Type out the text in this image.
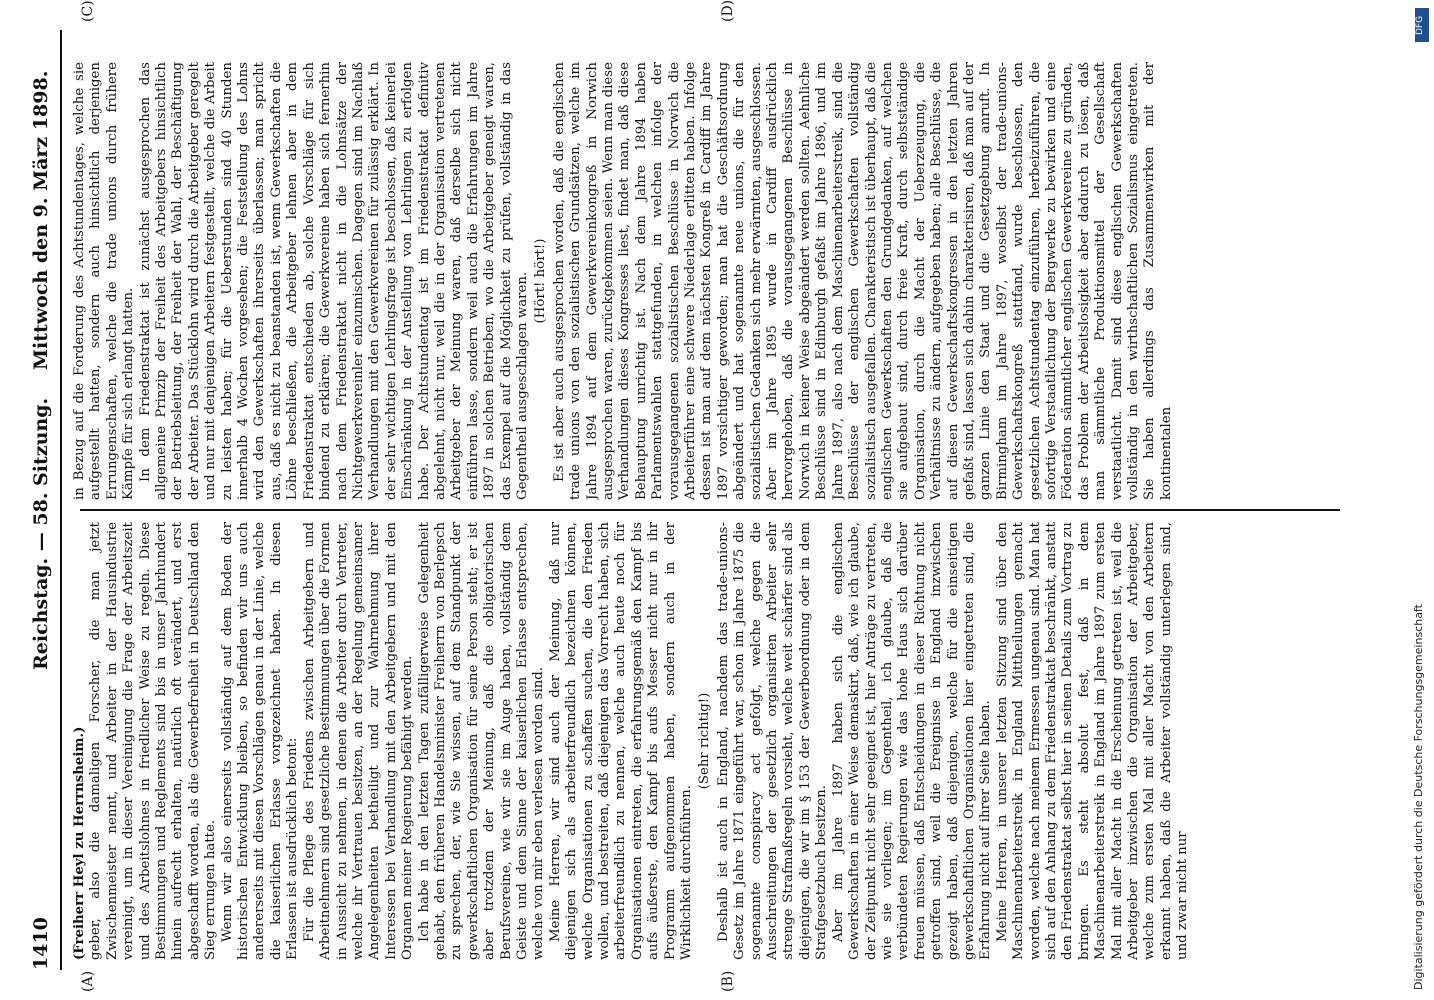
1410
Reichstag. — 58. Sitzung.
Mittwoch den 9. März 1898.
(A)	(B)

(Freiherr Heyl zu Herrnsheim.) geber, also die damaligen Forscher, die man jetzt Zwischenmeister nennt, und Arbeiter in der Hausindustrie vereinigt, um in dieser Vereinigung die Frage der Arbeitszeit und des Arbeitslohnes in friedlicher Weise zu regeln. Diese Bestimmungen und Reglements sind bis in unser Jahrhundert hinein aufrecht erhalten, natürlich oft verändert, und erst abgeschafft worden, als die Gewerbefreiheit in Deutschland den Sieg errungen hatte. Wenn wir also einerseits vollständig auf dem Boden der historischen Entwicklung bleiben, so befinden wir uns auch andererseits mit diesen Vorschlägen genau in der Linie, welche die kaiserlichen Erlasse vorgezeichnet haben. In diesen Erlassen ist ausdrücklich betont: Für die Pflege des Friedens zwischen Arbeitgebern und Arbeitnehmern sind gesetzliche Bestimmungen über die Formen in Aussicht zu nehmen, in denen die Arbeiter durch Vertreter, welche ihr Vertrauen besitzen, an der Regelung gemeinsamer Angelegenheiten betheiligt und zur Wahrnehmung ihrer Interessen bei Verhandlung mit den Arbeitgebern und mit den Organen meiner Regierung befähigt werden. Ich habe in den letzten Tagen zufälligerweise Gelegenheit gehabt, den früheren Handelsminister Freiherrn von Berlepsch zu sprechen, der, wie Sie wissen, auf dem Standpunkt der gewerkschaftlichen Organisation für seine Person steht; er ist aber trotzdem der Meinung, daß die obligatorischen Berufsvereine, wie wir sie im Auge haben, vollständig dem Geiste und dem Sinne der kaiserlichen Erlasse entsprechen, welche von mir eben verlesen worden sind. Meine Herren, wir sind auch der Meinung, daß nur diejenigen sich als arbeiterfreundlich bezeichnen können, welche Organisationen zu schaffen suchen, die den Frieden wollen, und bestreiten, daß diejenigen das Vorrecht haben, sich arbeiterfreundlich zu nennen, welche auch heute noch für Organisationen eintreten, die erfahrungsgemäß den Kampf bis aufs äußerste, den Kampf bis aufs Messer nicht nur in ihr Programm aufgenommen haben, sondern auch in der Wirklichkeit durchführen.

(Sehr richtig!) Deshalb ist auch in England, nachdem das trade-unions-Gesetz im Jahre 1871 eingeführt war, schon im Jahre 1875 die sogenannte conspiracy act gefolgt, welche gegen die Ausschreitungen der gesetzlich organisirten Arbeiter sehr strenge Strafmaßregeln vorsieht, welche weit schärfer sind als diejenigen, die wir im § 153 der Gewerbeordnung oder in dem Strafgesetzbuch besitzen. Aber im Jahre 1897 haben sich die englischen Gewerkschaften in einer Weise demaskirt, daß, wie ich glaube, der Zeitpunkt nicht sehr geeignet ist, hier Anträge zu vertreten, wie sie vorliegen; im Gegentheil, ich glaube, daß die verbündeten Regierungen wie das hohe Haus sich darüber freuen müssen, daß Entscheidungen in dieser Richtung nicht getroffen sind, weil die Ereignisse in England inzwischen gezeigt haben, daß diejenigen, welche für die einseitigen gewerkschaftlichen Organisationen hier eingetreten sind, die Erfahrung nicht auf ihrer Seite haben. Meine Herren, in unserer letzten Sitzung sind über den Maschinenarbeiterstreik in England Mittheilungen gemacht worden, welche nach meinem Ermessen ungenau sind. Man hat sich auf den Anhang zu dem Friedenstraktat beschränkt, anstatt den Friedenstraktat selbst hier in seinen Details zum Vortrag zu bringen. Es steht absolut fest, daß in dem Maschinenarbeiterstreik in England im Jahre 1897 zum ersten Mal mit aller Macht in die Erscheinung getreten ist, weil die Arbeitgeber inzwischen die Organisation der Arbeitgeber, welche zum ersten Mal mit aller Macht von den Arbeitern erkannt haben, daß die Arbeiter vollständig unterlegen sind, und zwar nicht nur

in Bezug auf die Forderung des Achtstundentages, welche sie aufgestellt hatten, sondern auch hinsichtlich derjenigen Errungenschaften, welche die trade unions durch frühere Kämpfe für sich erlangt hatten. In dem Friedenstraktat ist zunächst ausgesprochen das allgemeine Prinzip der Freiheit des Arbeitgebers hinsichtlich der Betriebsleitung, der Freiheit der Wahl, der Beschäftigung der Arbeiter. Das Stücklohn wird durch die Arbeitgeber geregelt und nur mit denjenigen Arbeitern festgestellt, welche die Arbeit zu leisten haben; für die Ueberstunden sind 40 Stunden innerhalb 4 Wochen vorgesehen; die Feststellung des Lohns wird den Gewerkschaften ihrerseits überlassen; man spricht aus, daß es nicht zu beanstanden ist, wenn Gewerkschaften die Löhne beschließen, die Arbeitgeber lehnen aber in dem Friedenstraktat entschieden ab, solche Vorschläge für sich bindend zu erklären; die Gewerkvereine haben sich fernerhin nach dem Friedenstraktat nicht in die Lohnsätze der Nichtgewerkvereinler einzumischen. Dagegen sind im Nachlaß Verhandlungen mit den Gewerkvereinen für zulässig erklärt. In der sehr wichtigen Lehrlingsfrage ist beschlossen, daß keinerlei Einschränkung in der Anstellung von Lehrlingen zu erfolgen habe. Der Achtstundentag ist im Friedenstraktat definitiv abgelehnt, nicht nur, weil die in der Organisation vertretenen Arbeitgeber der Meinung waren, daß derselbe sich nicht einführen lasse, sondern weil auch die Erfahrungen im Jahre 1897 in solchen Betrieben, wo die Arbeitgeber geneigt waren, das Exempel auf die Möglichkeit zu prüfen, vollständig in das Gegentheil ausgeschlagen waren. (Hört! hört!) Es ist aber auch ausgesprochen worden, daß die englischen trade unions von den sozialistischen Grundsätzen, welche im Jahre 1894 auf dem Gewerkvereinkongreß in Norwich ausgesprochen waren, zurückgekommen seien. Wenn man diese Verhandlungen dieses Kongresses liest, findet man, daß diese Behauptung unrichtig ist. Nach dem Jahre 1894 haben Parlamentswahlen stattgefunden, in welchen infolge der vorausgegangenen sozialistischen Beschlüsse in Norwich die Arbeiterführer eine schwere Niederlage erlitten haben. Infolge dessen ist man auf dem nächsten Kongreß in Cardiff im Jahre 1897 vorsichtiger geworden; man hat die Geschäftsordnung abgeändert und hat sogenannte neue unions, die für den sozialistischen Gedanken sich mehr erwärmten, ausgeschlossen. Aber im Jahre 1895 wurde in Cardiff ausdrücklich hervorgehoben, daß die vorausgegangenen Beschlüsse in Norwich in keiner Weise abgeändert werden sollten. Aehnliche Beschlüsse sind in Edinburgh gefaßt im Jahre 1896, und im Jahre 1897, also nach dem Maschinenarbeiterstreik, sind die Beschlüsse der englischen Gewerkschaften vollständig sozialistisch ausgefallen. Charakteristisch ist überhaupt, daß die englischen Gewerkschaften den Grundgedanken, auf welchen sie aufgebaut sind, durch freie Kraft, durch selbstständige Organisation, durch die Macht der Ueberzeugung, die Verhältnisse zu ändern, aufgegeben haben; alle Beschlüsse, die auf diesen Gewerkschaftskongressen in den letzten Jahren gefaßt sind, lassen sich dahin charakterisiren, daß man auf der ganzen Linie den Staat und die Gesetzgebung anruft. In Birmingham im Jahre 1897, woselbst der trade-unions-Gewerkschaftskongreß stattfand, wurde beschlossen, den gesetzlichen Achtstundentag einzuführen, herbeizuführen, die sofortige Verstaatlichung der Bergwerke zu bewirken und eine Föderation sämmtlicher englischen Gewerkvereine zu gründen, das Problem der Arbeitslosigkeit aber dadurch zu lösen, daß man sämmtliche Produktionsmittel der Gesellschaft verstaatlicht. Damit sind diese englischen Gewerkschaften vollständig in den wirthschaftlichen Sozialismus eingetreten. Sie haben allerdings das Zusammenwirken mit der kontinentalen

(C)	(D)
DFG
Digitalisierung gefördert durch die Deutsche Forschungsgemeinschaft
